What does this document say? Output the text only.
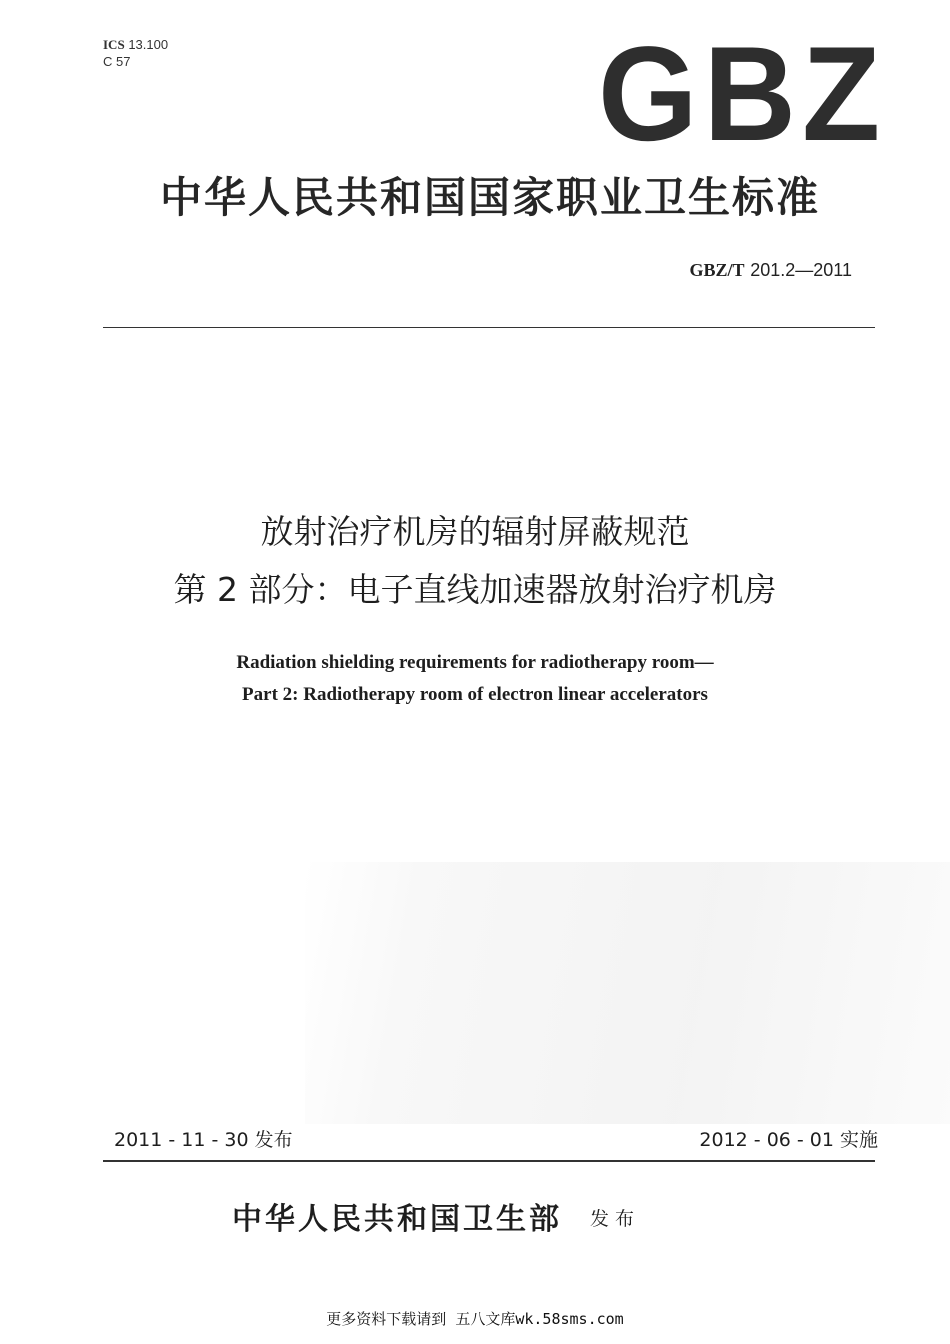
ICS 13.100
C 57	GBZ
中华人民共和国国家职业卫生标准
GBZ/T 201.2—2011
放射治疗机房的辐射屏蔽规范
第 2 部分：电子直线加速器放射治疗机房
Radiation shielding requirements for radiotherapy room—
Part 2: Radiotherapy room of electron linear accelerators
2011 - 11 - 30 发布	2012 - 06 - 01 实施
中华人民共和国卫生部 发布
更多资料下载请到 五八文库wk.58sms.com
